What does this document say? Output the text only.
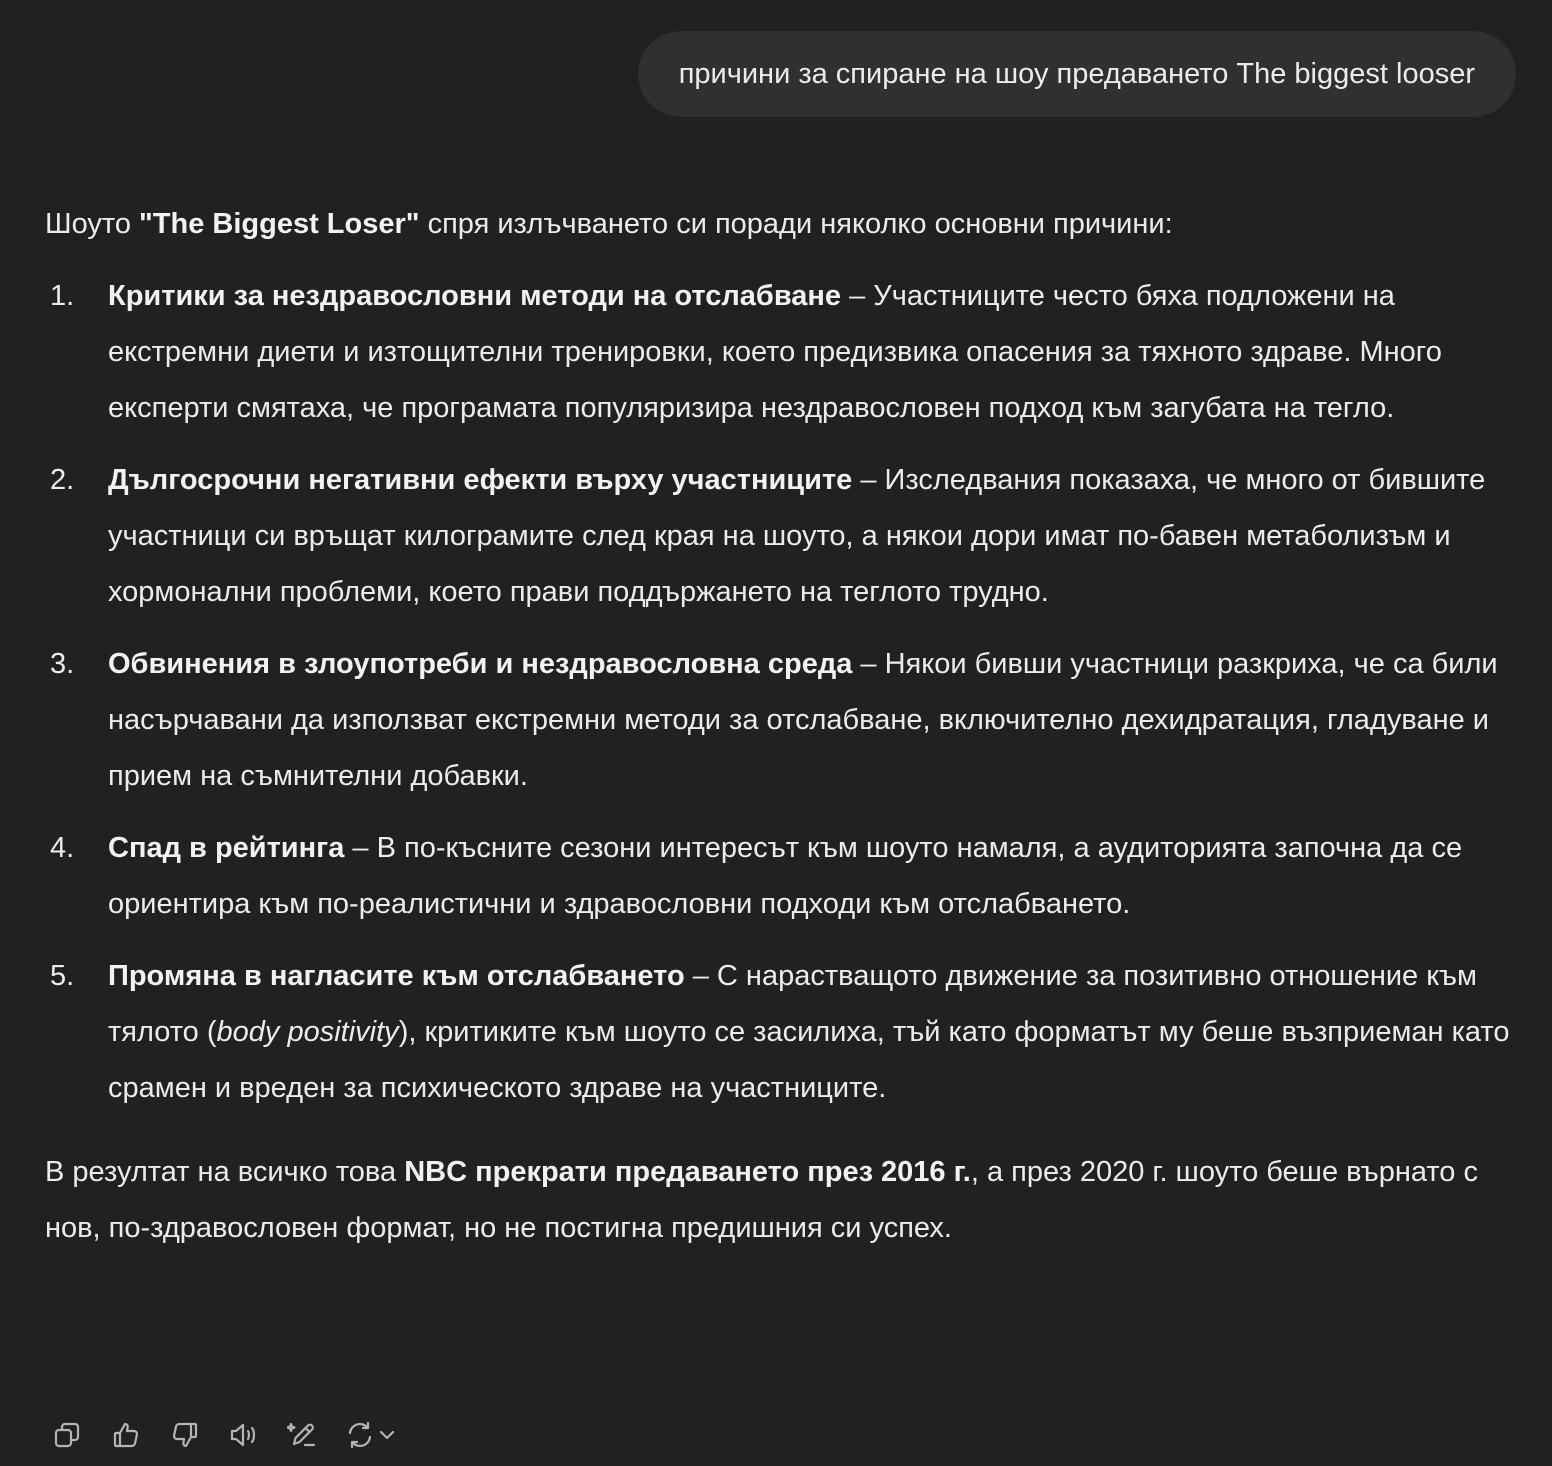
причини за спиране на шоу предаването The biggest looser

Шоуто "The Biggest Loser" спря излъчването си поради няколко основни причини:

1. Критики за нездравословни методи на отслабване – Участниците често бяха подложени на екстремни диети и изтощителни тренировки, което предизвика опасения за тяхното здраве. Много експерти смятаха, че програмата популяризира нездравословен подход към загубата на тегло.
2. Дългосрочни негативни ефекти върху участниците – Изследвания показаха, че много от бившите участници си връщат килограмите след края на шоуто, а някои дори имат по-бавен метаболизъм и хормонални проблеми, което прави поддържането на теглото трудно.
3. Обвинения в злоупотреби и нездравословна среда – Някои бивши участници разкриха, че са били насърчавани да използват екстремни методи за отслабване, включително дехидратация, гладуване и прием на съмнителни добавки.
4. Спад в рейтинга – В по-късните сезони интересът към шоуто намаля, а аудиторията започна да се ориентира към по-реалистични и здравословни подходи към отслабването.
5. Промяна в нагласите към отслабването – С нарастващото движение за позитивно отношение към тялото (body positivity), критиките към шоуто се засилиха, тъй като форматът му беше възприеман като срамен и вреден за психическото здраве на участниците.

В резултат на всичко това NBC прекрати предаването през 2016 г., а през 2020 г. шоуто беше върнато с нов, по-здравословен формат, но не постигна предишния си успех.
